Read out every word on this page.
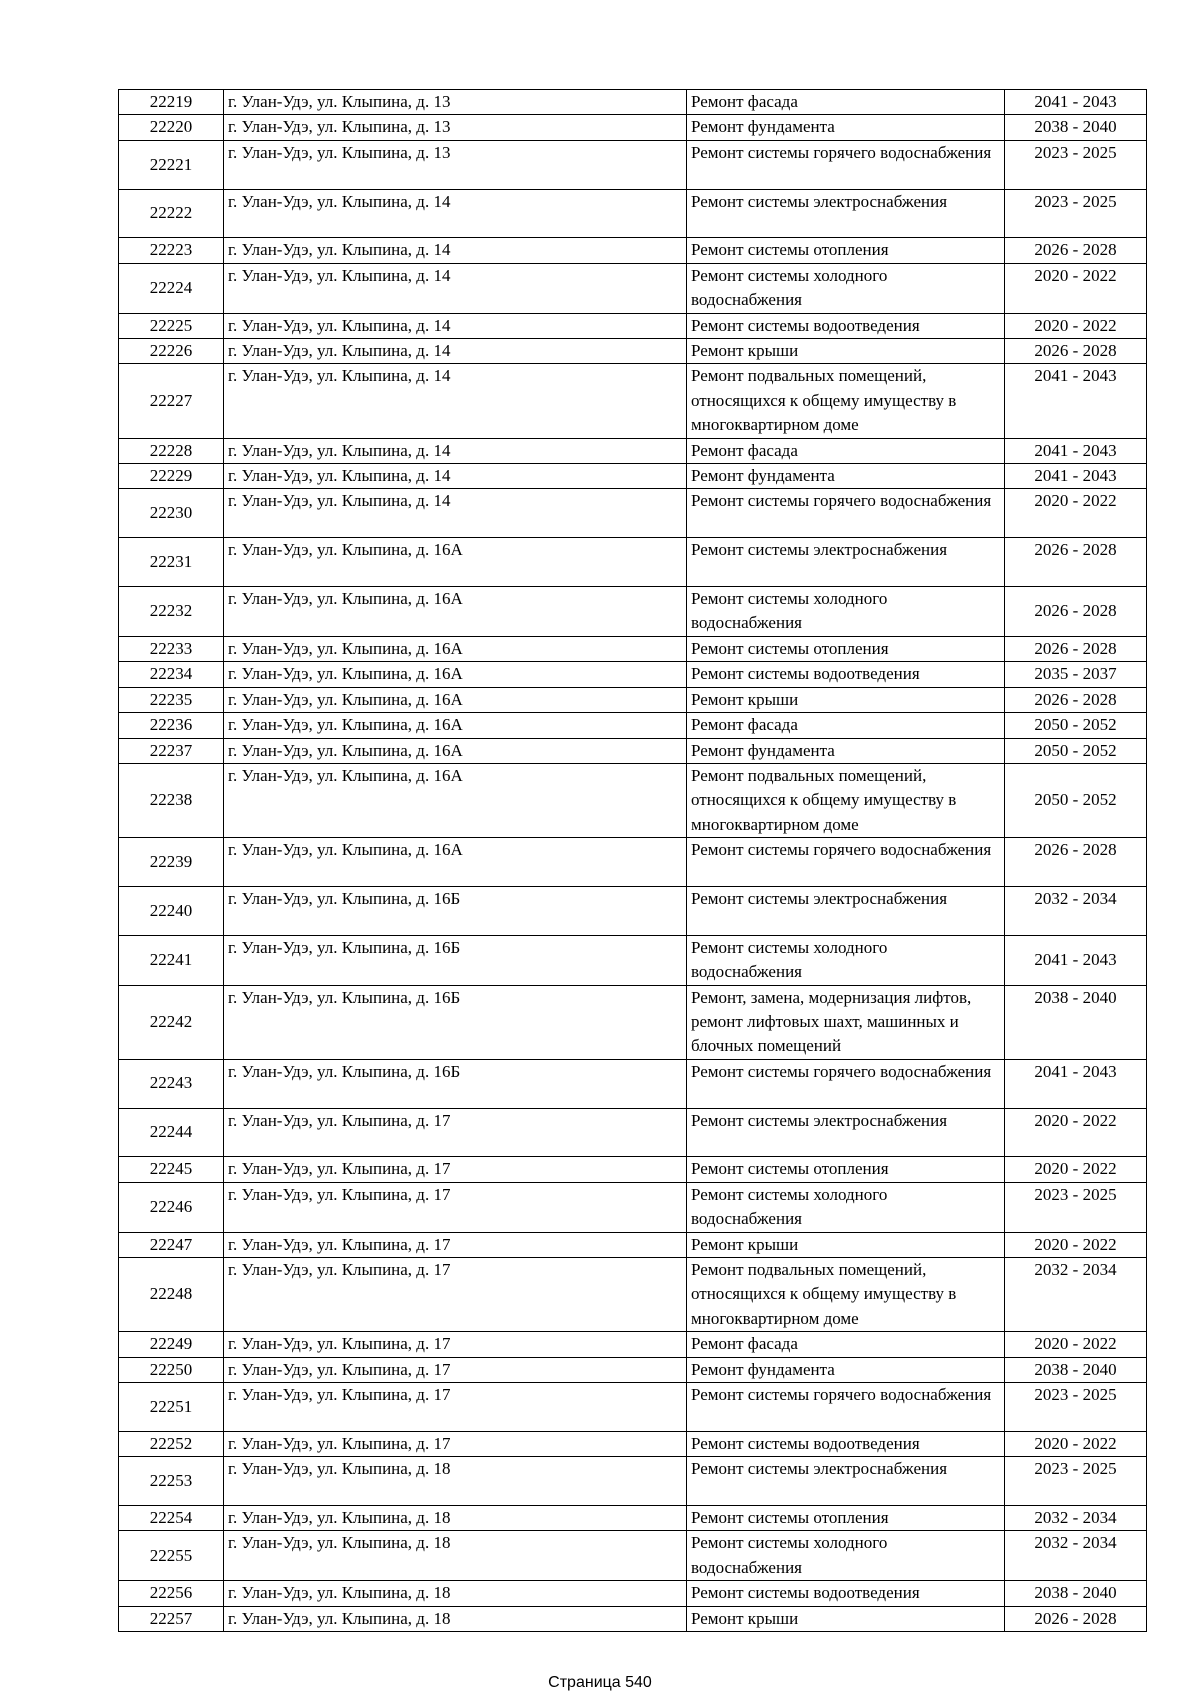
22219	г. Улан-Удэ, ул. Клыпина, д. 13	Ремонт фасада	2041 - 2043
22220	г. Улан-Удэ, ул. Клыпина, д. 13	Ремонт фундамента	2038 - 2040
22221	г. Улан-Удэ, ул. Клыпина, д. 13	Ремонт системы горячего водоснабжения	2023 - 2025
22222	г. Улан-Удэ, ул. Клыпина, д. 14	Ремонт системы электроснабжения	2023 - 2025
22223	г. Улан-Удэ, ул. Клыпина, д. 14	Ремонт системы отопления	2026 - 2028
22224	г. Улан-Удэ, ул. Клыпина, д. 14	Ремонт системы холодного водоснабжения	2020 - 2022
22225	г. Улан-Удэ, ул. Клыпина, д. 14	Ремонт системы водоотведения	2020 - 2022
22226	г. Улан-Удэ, ул. Клыпина, д. 14	Ремонт крыши	2026 - 2028
22227	г. Улан-Удэ, ул. Клыпина, д. 14	Ремонт подвальных помещений, относящихся к общему имуществу в многоквартирном доме	2041 - 2043
22228	г. Улан-Удэ, ул. Клыпина, д. 14	Ремонт фасада	2041 - 2043
22229	г. Улан-Удэ, ул. Клыпина, д. 14	Ремонт фундамента	2041 - 2043
22230	г. Улан-Удэ, ул. Клыпина, д. 14	Ремонт системы горячего водоснабжения	2020 - 2022
22231	г. Улан-Удэ, ул. Клыпина, д. 16А	Ремонт системы электроснабжения	2026 - 2028
22232	г. Улан-Удэ, ул. Клыпина, д. 16А	Ремонт системы холодного водоснабжения	2026 - 2028
22233	г. Улан-Удэ, ул. Клыпина, д. 16А	Ремонт системы отопления	2026 - 2028
22234	г. Улан-Удэ, ул. Клыпина, д. 16А	Ремонт системы водоотведения	2035 - 2037
22235	г. Улан-Удэ, ул. Клыпина, д. 16А	Ремонт крыши	2026 - 2028
22236	г. Улан-Удэ, ул. Клыпина, д. 16А	Ремонт фасада	2050 - 2052
22237	г. Улан-Удэ, ул. Клыпина, д. 16А	Ремонт фундамента	2050 - 2052
22238	г. Улан-Удэ, ул. Клыпина, д. 16А	Ремонт подвальных помещений, относящихся к общему имуществу в многоквартирном доме	2050 - 2052
22239	г. Улан-Удэ, ул. Клыпина, д. 16А	Ремонт системы горячего водоснабжения	2026 - 2028
22240	г. Улан-Удэ, ул. Клыпина, д. 16Б	Ремонт системы электроснабжения	2032 - 2034
22241	г. Улан-Удэ, ул. Клыпина, д. 16Б	Ремонт системы холодного водоснабжения	2041 - 2043
22242	г. Улан-Удэ, ул. Клыпина, д. 16Б	Ремонт, замена, модернизация лифтов, ремонт лифтовых шахт, машинных и блочных помещений	2038 - 2040
22243	г. Улан-Удэ, ул. Клыпина, д. 16Б	Ремонт системы горячего водоснабжения	2041 - 2043
22244	г. Улан-Удэ, ул. Клыпина, д. 17	Ремонт системы электроснабжения	2020 - 2022
22245	г. Улан-Удэ, ул. Клыпина, д. 17	Ремонт системы отопления	2020 - 2022
22246	г. Улан-Удэ, ул. Клыпина, д. 17	Ремонт системы холодного водоснабжения	2023 - 2025
22247	г. Улан-Удэ, ул. Клыпина, д. 17	Ремонт крыши	2020 - 2022
22248	г. Улан-Удэ, ул. Клыпина, д. 17	Ремонт подвальных помещений, относящихся к общему имуществу в многоквартирном доме	2032 - 2034
22249	г. Улан-Удэ, ул. Клыпина, д. 17	Ремонт фасада	2020 - 2022
22250	г. Улан-Удэ, ул. Клыпина, д. 17	Ремонт фундамента	2038 - 2040
22251	г. Улан-Удэ, ул. Клыпина, д. 17	Ремонт системы горячего водоснабжения	2023 - 2025
22252	г. Улан-Удэ, ул. Клыпина, д. 17	Ремонт системы водоотведения	2020 - 2022
22253	г. Улан-Удэ, ул. Клыпина, д. 18	Ремонт системы электроснабжения	2023 - 2025
22254	г. Улан-Удэ, ул. Клыпина, д. 18	Ремонт системы отопления	2032 - 2034
22255	г. Улан-Удэ, ул. Клыпина, д. 18	Ремонт системы холодного водоснабжения	2032 - 2034
22256	г. Улан-Удэ, ул. Клыпина, д. 18	Ремонт системы водоотведения	2038 - 2040
22257	г. Улан-Удэ, ул. Клыпина, д. 18	Ремонт крыши	2026 - 2028
Страница 540
